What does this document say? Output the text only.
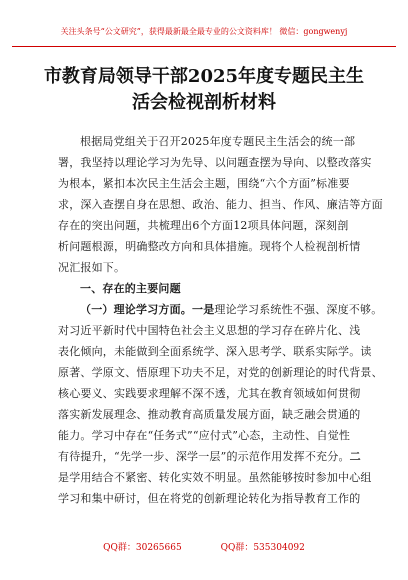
关注头条号“公文研究”，获得最新最全最专业的公文资料库！ 微信：gongwenyj
市教育局领导干部2025年度专题民主生
活会检视剖析材料
根据局党组关于召开2025年度专题民主生活会的统一部
署，我坚持以理论学习为先导、以问题查摆为导向、以整改落实
为根本，紧扣本次民主生活会主题，围绕“六个方面”标准要
求，深入查摆自身在思想、政治、能力、担当、作风、廉洁等方面
存在的突出问题，共梳理出6个方面12项具体问题，深刻剖
析问题根源，明确整改方向和具体措施。现将个人检视剖析情
况汇报如下。
一、存在的主要问题
（一）理论学习方面。一是理论学习系统性不强、深度不够。
对习近平新时代中国特色社会主义思想的学习存在碎片化、浅
表化倾向，未能做到全面系统学、深入思考学、联系实际学。读
原著、学原文、悟原理下功夫不足，对党的创新理论的时代背景、
核心要义、实践要求理解不深不透，尤其在教育领域如何贯彻
落实新发展理念、推动教育高质量发展方面，缺乏融会贯通的
能力。学习中存在“任务式”“应付式”心态，主动性、自觉性
有待提升，“先学一步、深学一层”的示范作用发挥不充分。二
是学用结合不紧密、转化实效不明显。虽然能够按时参加中心组
学习和集中研讨，但在将党的创新理论转化为指导教育工作的
QQ群：30265665	QQ群：535304092
